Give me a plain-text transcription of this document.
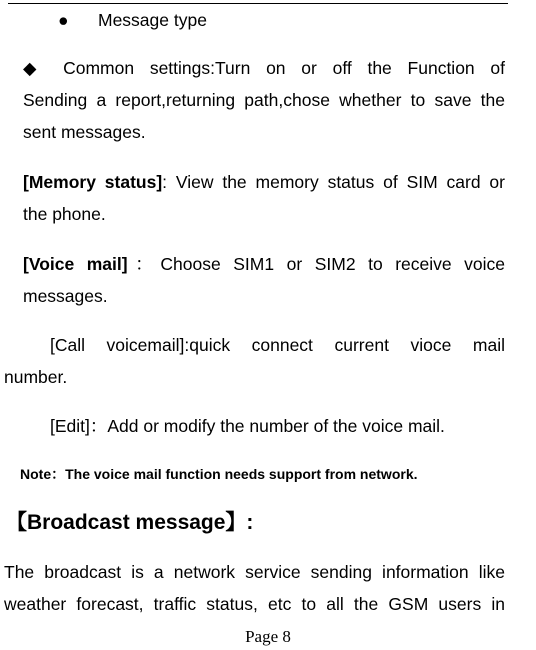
● Message type
◆ Common settings:Turn on or off the Function of
Sending a report,returning path,chose whether to save the
sent messages.
[Memory status]: View the memory status of SIM card or
the phone.
[Voice mail]：Choose SIM1 or SIM2 to receive voice
messages.
[Call voicemail]:quick connect current vioce mail
number.
[Edit]：Add or modify the number of the voice mail.
Note：The voice mail function needs support from network.
【Broadcast message】:
The broadcast is a network service sending information like
weather forecast, traffic status, etc to all the GSM users in
Page 8
